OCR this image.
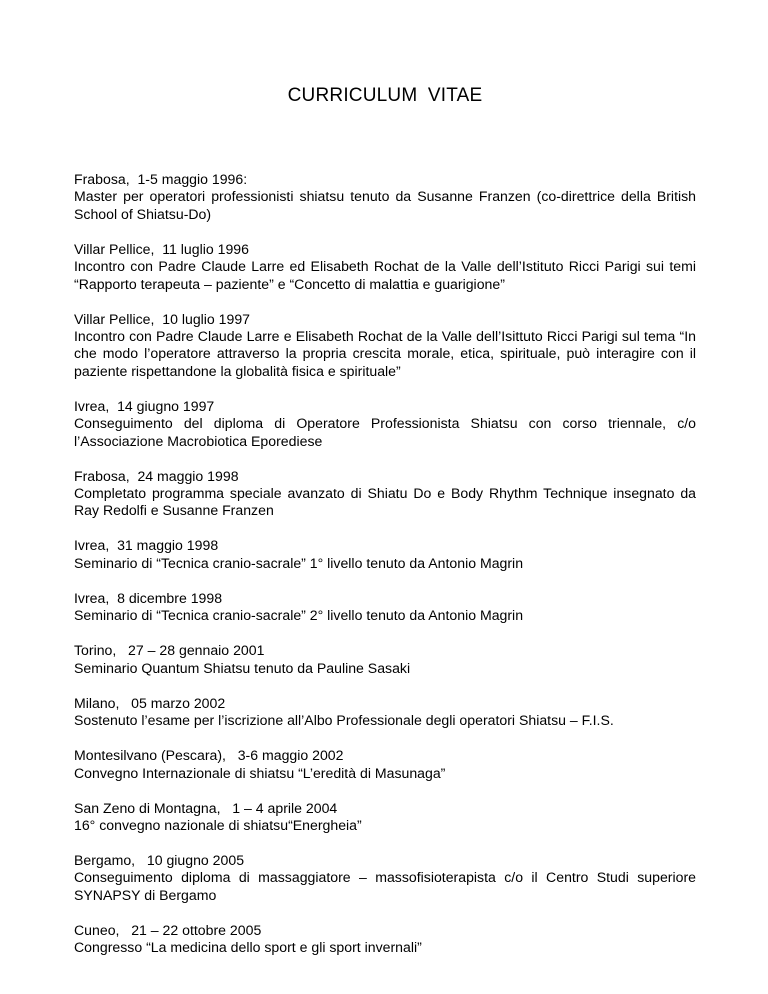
CURRICULUM VITAE
Frabosa,  1-5 maggio 1996:
Master per operatori professionisti shiatsu tenuto da Susanne Franzen (co-direttrice della British School of Shiatsu-Do)
Villar Pellice,  11 luglio 1996
Incontro con Padre Claude Larre ed Elisabeth Rochat de la Valle dell’Istituto Ricci Parigi sui temi “Rapporto terapeuta – paziente” e “Concetto di malattia e guarigione”
Villar Pellice,  10 luglio 1997
Incontro con Padre Claude Larre e Elisabeth Rochat de la Valle dell’Isittuto Ricci Parigi sul tema “In che modo l’operatore attraverso la propria crescita morale, etica, spirituale, può interagire con il paziente rispettandone la globalità fisica e spirituale”
Ivrea,  14 giugno 1997
Conseguimento del diploma di Operatore Professionista Shiatsu con corso triennale, c/o l’Associazione Macrobiotica Eporediese
Frabosa,  24 maggio 1998
Completato programma speciale avanzato di Shiatu Do e Body Rhythm Technique insegnato da Ray Redolfi e Susanne Franzen
Ivrea,  31 maggio 1998
Seminario di “Tecnica cranio-sacrale” 1° livello tenuto da Antonio Magrin
Ivrea,  8 dicembre 1998
Seminario di “Tecnica cranio-sacrale” 2° livello tenuto da Antonio Magrin
Torino,   27 – 28 gennaio 2001
Seminario Quantum Shiatsu tenuto da Pauline Sasaki
Milano,   05 marzo 2002
Sostenuto l’esame per l’iscrizione all’Albo Professionale degli operatori Shiatsu – F.I.S.
Montesilvano (Pescara),   3-6 maggio 2002
Convegno Internazionale di shiatsu “L’eredità di Masunaga”
San Zeno di Montagna,   1 – 4 aprile 2004
16° convegno nazionale di shiatsu“Energheia”
Bergamo,   10 giugno 2005
Conseguimento diploma di massaggiatore – massofisioterapista c/o il Centro Studi superiore SYNAPSY di Bergamo
Cuneo,   21 – 22 ottobre 2005
Congresso “La medicina dello sport e gli sport invernali”
